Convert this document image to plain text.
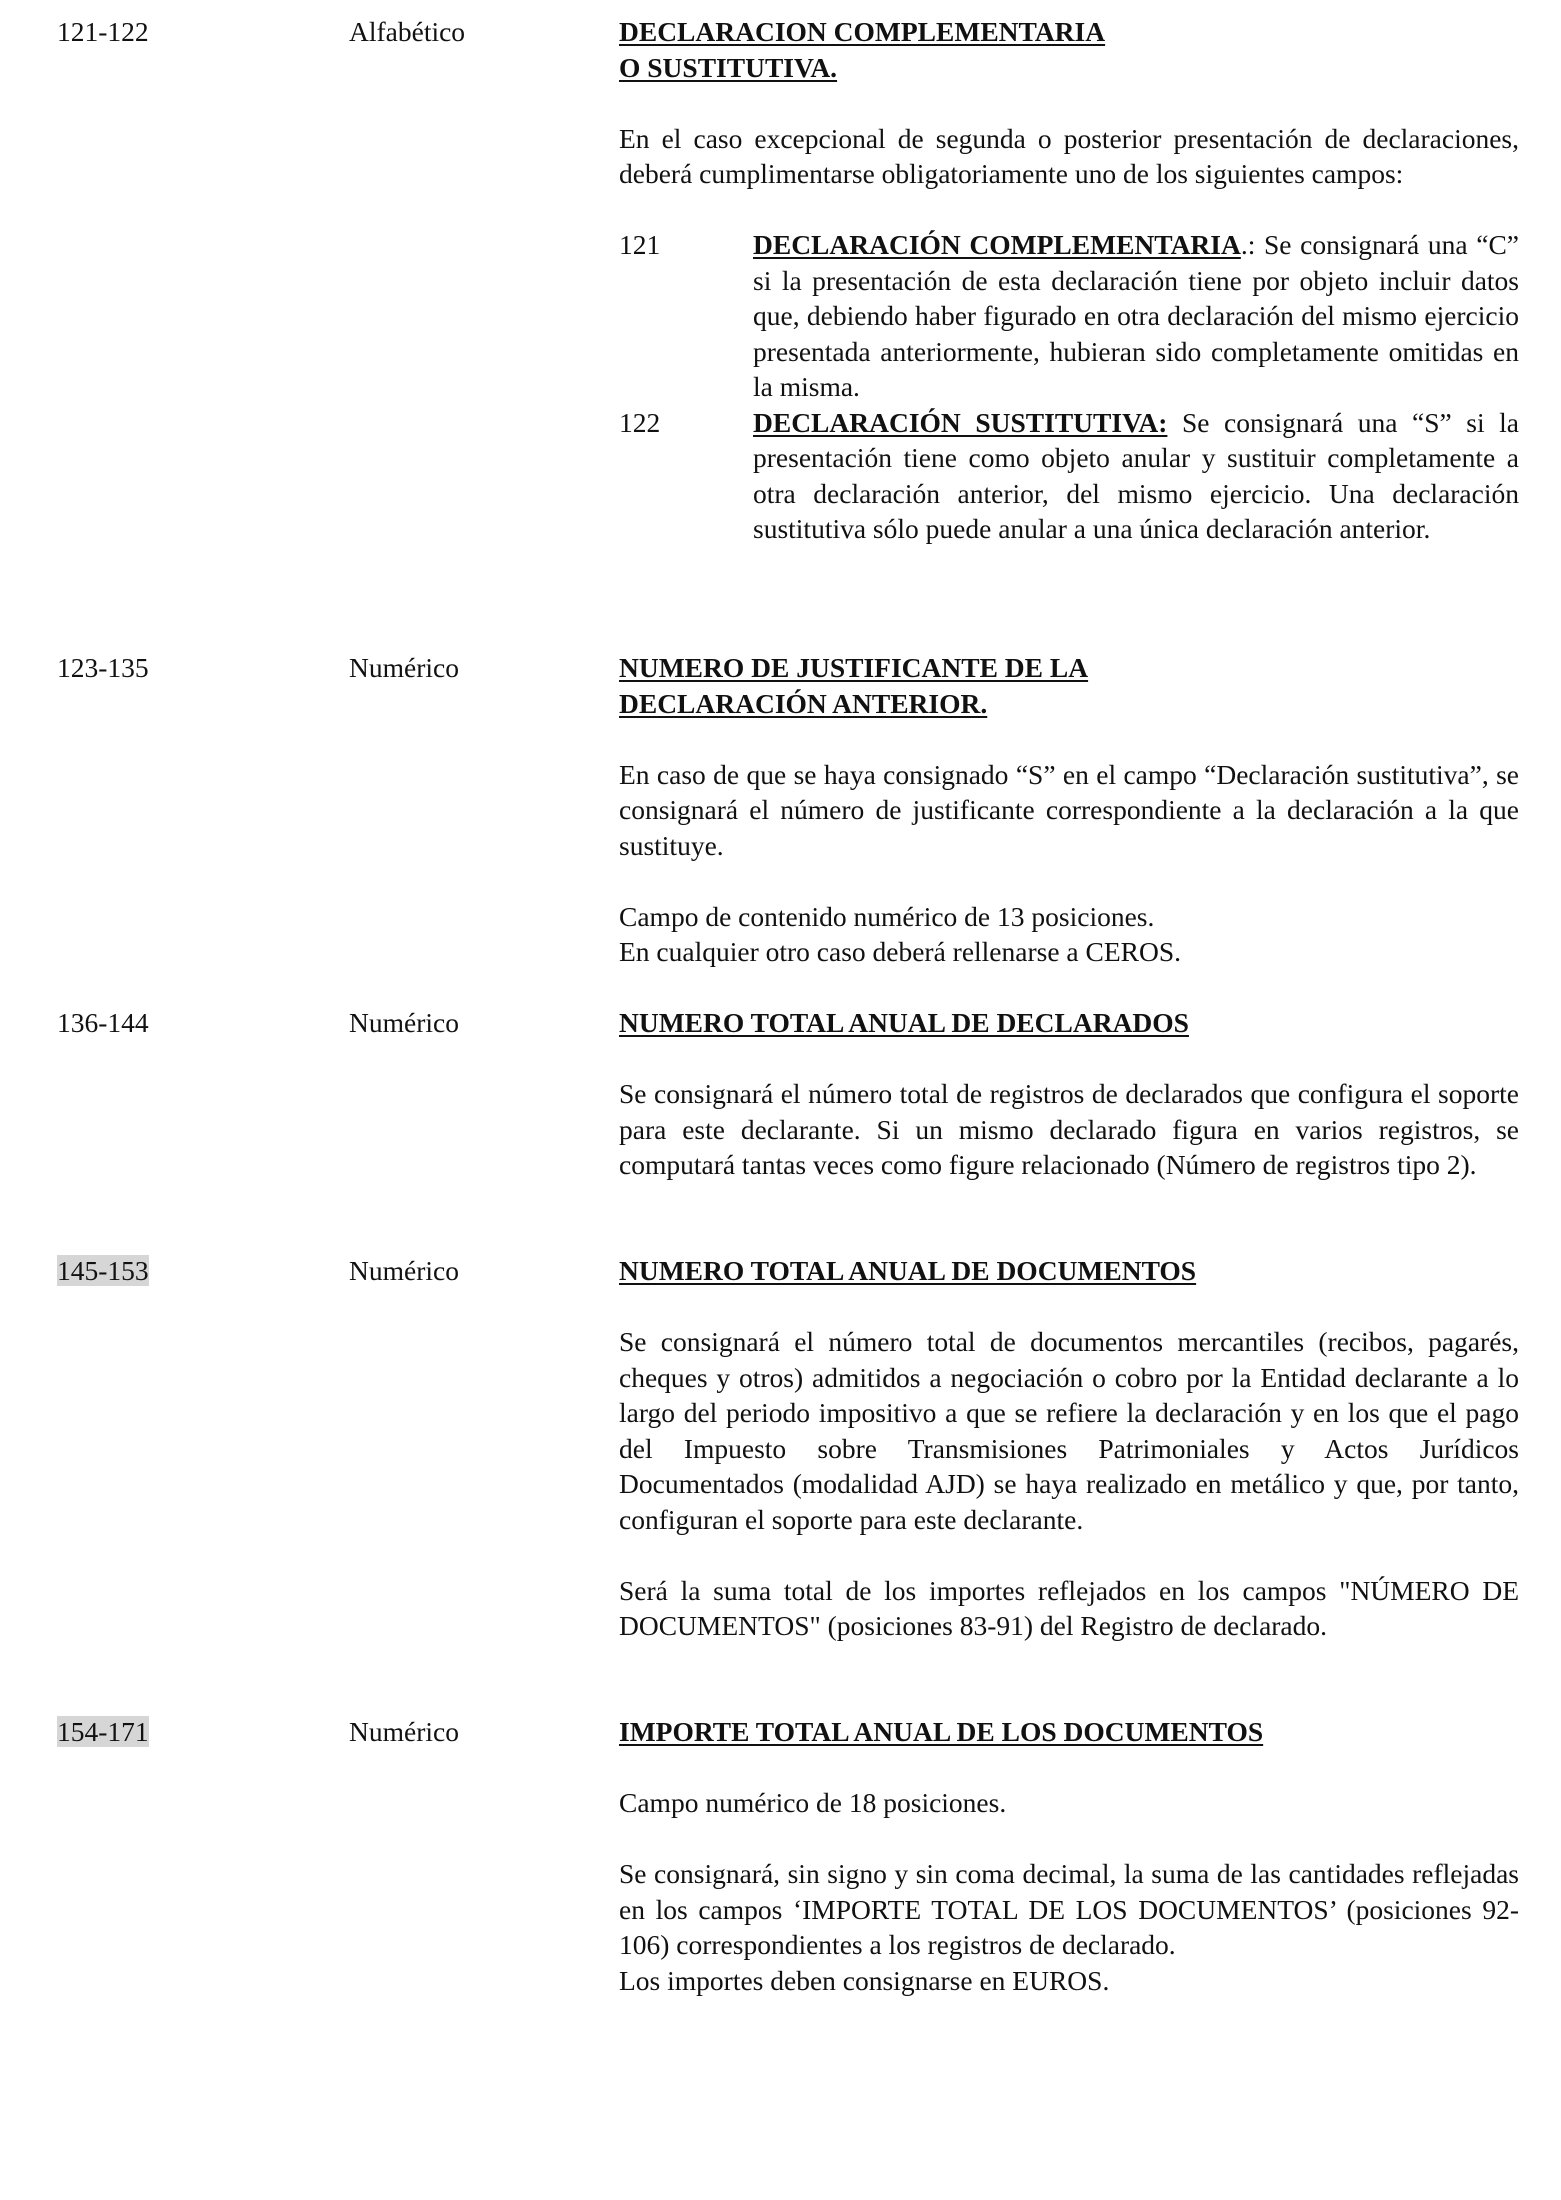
121-122	Alfabético	DECLARACION COMPLEMENTARIA
O SUSTITUTIVA.

En el caso excepcional de segunda o posterior presentación de declaraciones, deberá cumplimentarse obligatoriamente uno de los siguientes campos:

121	DECLARACIÓN COMPLEMENTARIA.: Se consignará una “C” si la presentación de esta declaración tiene por objeto incluir datos que, debiendo haber figurado en otra declaración del mismo ejercicio presentada anteriormente, hubieran sido completamente omitidas en la misma.
122	DECLARACIÓN SUSTITUTIVA: Se consignará una “S” si la presentación tiene como objeto anular y sustituir completamente a otra declaración anterior, del mismo ejercicio. Una declaración sustitutiva sólo puede anular a una única declaración anterior.
123-135	Numérico	NUMERO DE JUSTIFICANTE DE LA
DECLARACIÓN ANTERIOR.

En caso de que se haya consignado “S” en el campo “Declaración sustitutiva”, se consignará el número de justificante correspondiente a la declaración a la que sustituye.

Campo de contenido numérico de 13 posiciones.

En cualquier otro caso deberá rellenarse a CEROS.

136-144	Numérico	NUMERO TOTAL ANUAL DE DECLARADOS

Se consignará el número total de registros de declarados que configura el soporte para este declarante. Si un mismo declarado figura en varios registros, se computará tantas veces como figure relacionado (Número de registros tipo 2).

145-153	Numérico	NUMERO TOTAL ANUAL DE DOCUMENTOS

Se consignará el número total de documentos mercantiles (recibos, pagarés, cheques y otros) admitidos a negociación o cobro por la Entidad declarante a lo largo del periodo impositivo a que se refiere la declaración y en los que el pago del Impuesto sobre Transmisiones Patrimoniales y Actos Jurídicos Documentados (modalidad AJD) se haya realizado en metálico y que, por tanto, configuran el soporte para este declarante.

Será la suma total de los importes reflejados en los campos "NÚMERO DE DOCUMENTOS" (posiciones 83-91) del Registro de declarado.

154-171	Numérico	IMPORTE TOTAL ANUAL DE LOS DOCUMENTOS

Campo numérico de 18 posiciones.

Se consignará, sin signo y sin coma decimal, la suma de las cantidades reflejadas en los campos ‘IMPORTE TOTAL DE LOS DOCUMENTOS’ (posiciones 92-106) correspondientes a los registros de declarado.

Los importes deben consignarse en EUROS.
